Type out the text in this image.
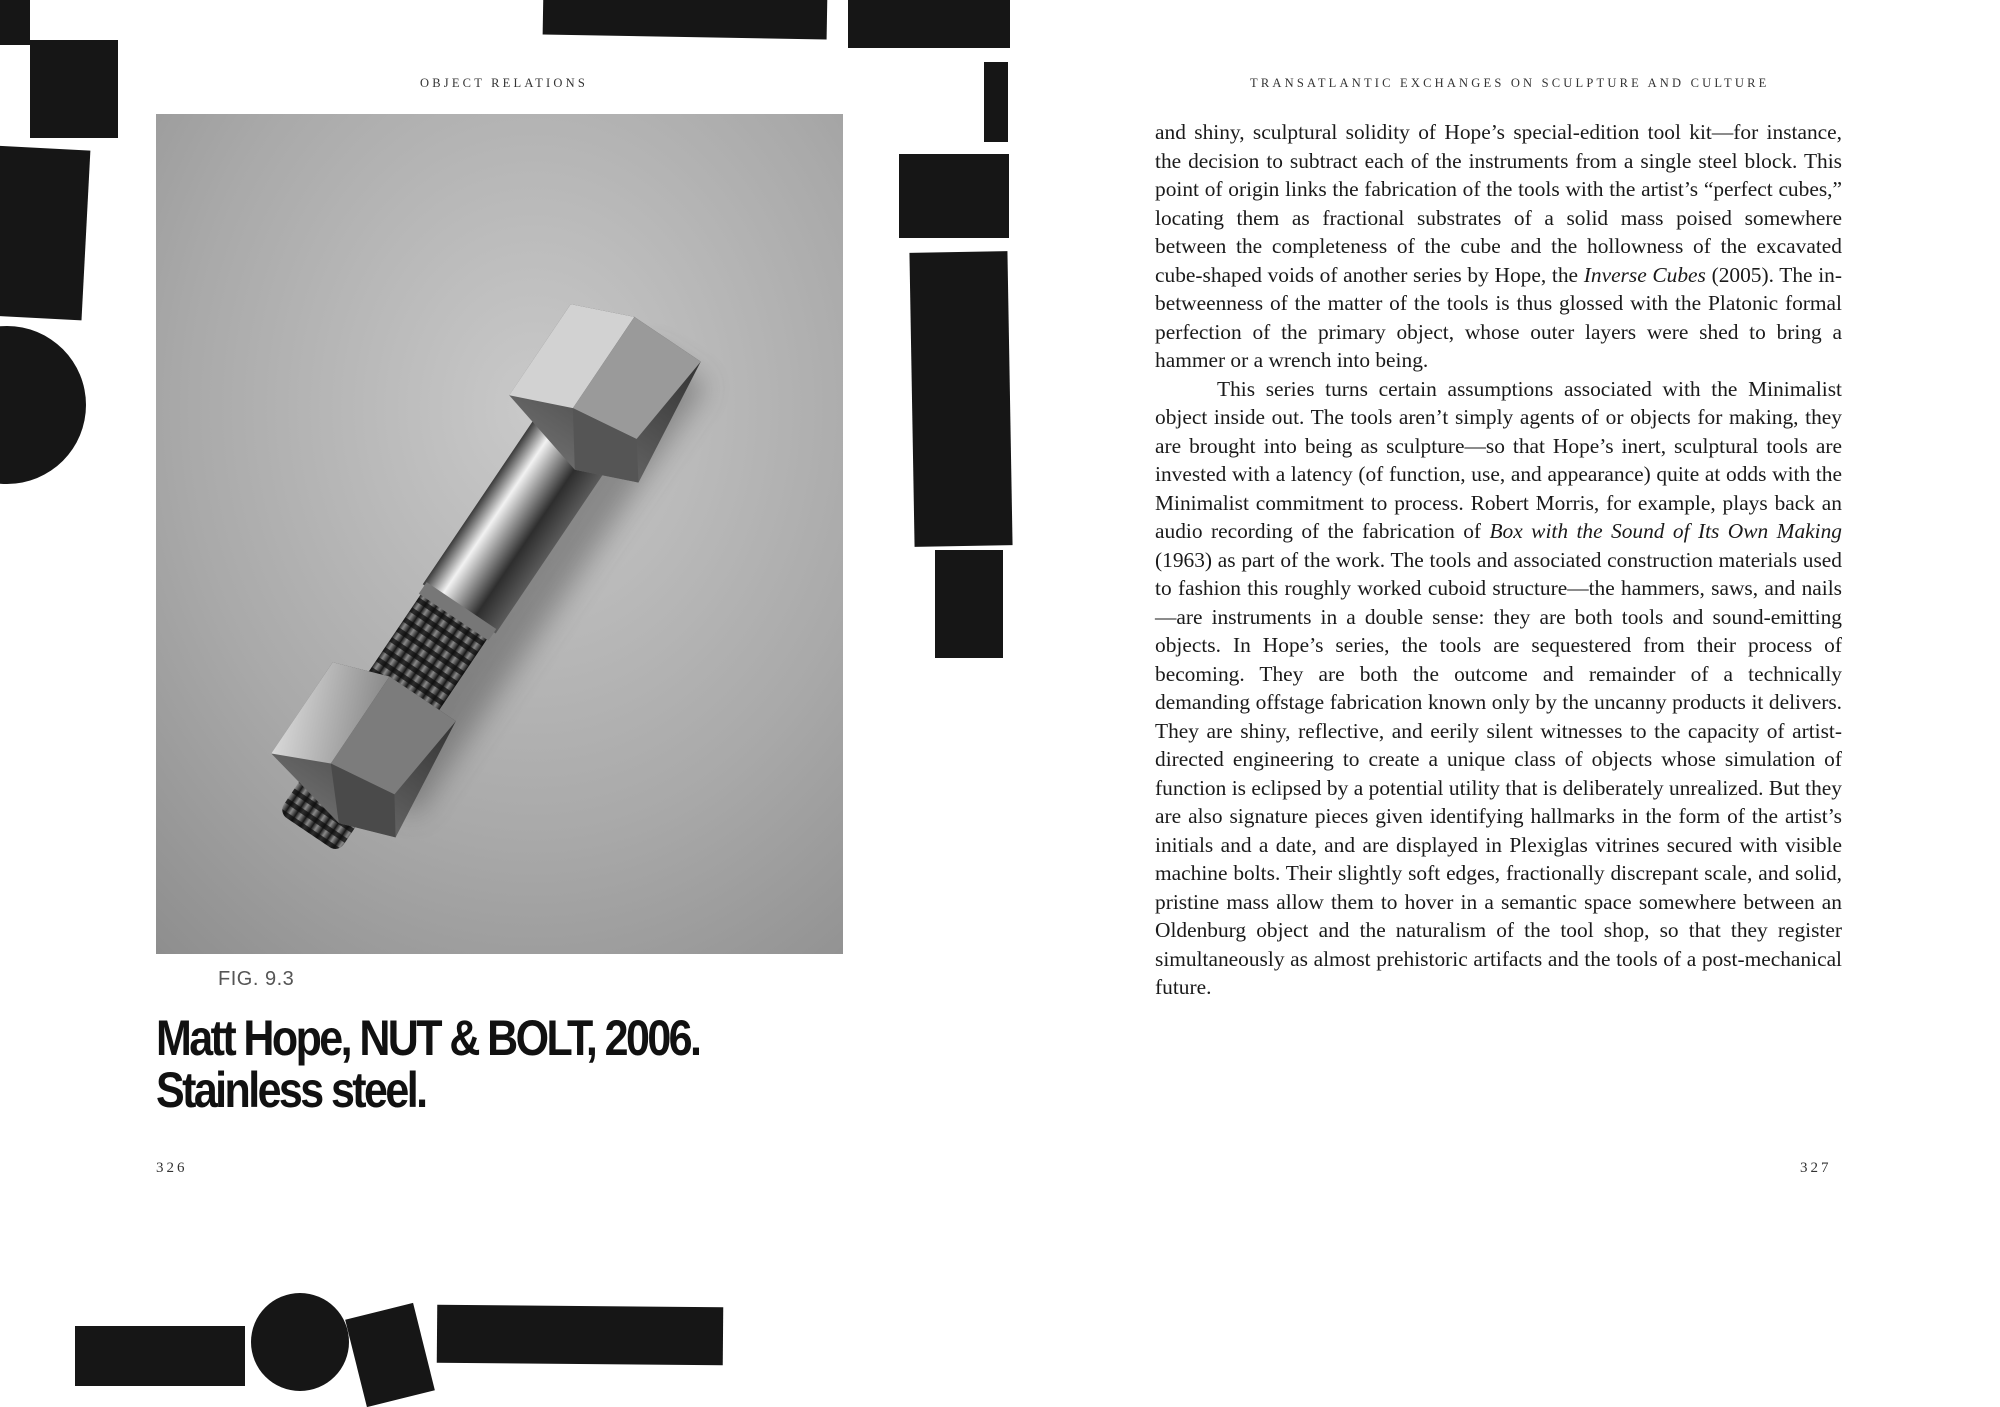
OBJECT RELATIONS	TRANSATLANTIC EXCHANGES ON SCULPTURE AND CULTURE
FIG. 9.3
Matt Hope, NUT & BOLT, 2006.
Stainless steel.

and shiny, sculptural solidity of Hope’s special-edition tool kit—for instance, the decision to subtract each of the instruments from a single steel block. This point of origin links the fabrication of the tools with the artist’s “perfect cubes,” locating them as fractional substrates of a solid mass poised somewhere between the completeness of the cube and the hollowness of the excavated cube-shaped voids of another series by Hope, the Inverse Cubes (2005). The in-betweenness of the matter of the tools is thus glossed with the Platonic formal perfection of the primary object, whose outer layers were shed to bring a hammer or a wrench into being.

This series turns certain assumptions associated with the Minimalist object inside out. The tools aren’t simply agents of or objects for making, they are brought into being as sculpture—so that Hope’s inert, sculptural tools are invested with a latency (of function, use, and appearance) quite at odds with the Minimalist commitment to process. Robert Morris, for example, plays back an audio recording of the fabrication of Box with the Sound of Its Own Making (1963) as part of the work. The tools and associated construction materials used to fashion this roughly worked cuboid structure—the hammers, saws, and nails—are instruments in a double sense: they are both tools and sound-emitting objects. In Hope’s series, the tools are sequestered from their process of becoming. They are both the outcome and remainder of a technically demanding offstage fabrication known only by the uncanny products it delivers. They are shiny, reflective, and eerily silent witnesses to the capacity of artist-directed engineering to create a unique class of objects whose simulation of function is eclipsed by a potential utility that is deliberately unrealized. But they are also signature pieces given identifying hallmarks in the form of the artist’s initials and a date, and are displayed in Plexiglas vitrines secured with visible machine bolts. Their slightly soft edges, fractionally discrepant scale, and solid, pristine mass allow them to hover in a semantic space somewhere between an Oldenburg object and the naturalism of the tool shop, so that they register simultaneously as almost prehistoric artifacts and the tools of a post-mechanical future.

326	327
